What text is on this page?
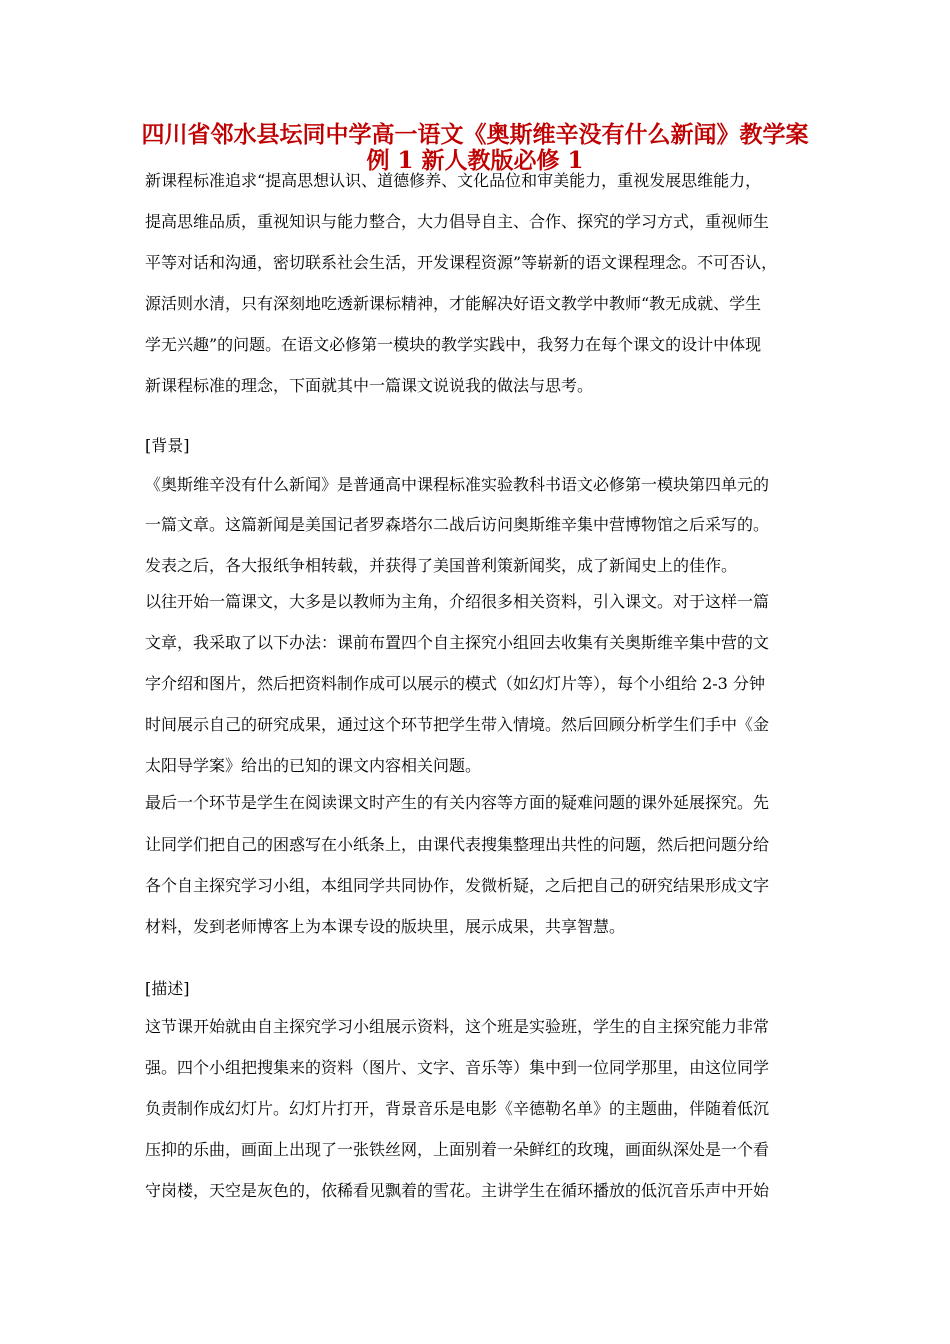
四川省邻水县坛同中学高一语文《奥斯维辛没有什么新闻》教学案
例 1 新人教版必修 1
新课程标准追求“提高思想认识、道德修养、文化品位和审美能力，重视发展思维能力，
提高思维品质，重视知识与能力整合，大力倡导自主、合作、探究的学习方式，重视师生
平等对话和沟通，密切联系社会生活，开发课程资源”等崭新的语文课程理念。不可否认，
源活则水清，只有深刻地吃透新课标精神，才能解决好语文教学中教师“教无成就、学生
学无兴趣”的问题。在语文必修第一模块的教学实践中，我努力在每个课文的设计中体现
新课程标准的理念，下面就其中一篇课文说说我的做法与思考。
[背景]
《奥斯维辛没有什么新闻》是普通高中课程标准实验教科书语文必修第一模块第四单元的
一篇文章。这篇新闻是美国记者罗森塔尔二战后访问奥斯维辛集中营博物馆之后采写的。
发表之后，各大报纸争相转载，并获得了美国普利策新闻奖，成了新闻史上的佳作。
以往开始一篇课文，大多是以教师为主角，介绍很多相关资料，引入课文。对于这样一篇
文章，我采取了以下办法：课前布置四个自主探究小组回去收集有关奥斯维辛集中营的文
字介绍和图片，然后把资料制作成可以展示的模式（如幻灯片等），每个小组给 2-3 分钟
时间展示自己的研究成果，通过这个环节把学生带入情境。然后回顾分析学生们手中《金
太阳导学案》给出的已知的课文内容相关问题。
最后一个环节是学生在阅读课文时产生的有关内容等方面的疑难问题的课外延展探究。先
让同学们把自己的困惑写在小纸条上，由课代表搜集整理出共性的问题，然后把问题分给
各个自主探究学习小组，本组同学共同协作，发微析疑，之后把自己的研究结果形成文字
材料，发到老师博客上为本课专设的版块里，展示成果，共享智慧。
[描述]
这节课开始就由自主探究学习小组展示资料，这个班是实验班，学生的自主探究能力非常
强。四个小组把搜集来的资料（图片、文字、音乐等）集中到一位同学那里，由这位同学
负责制作成幻灯片。幻灯片打开，背景音乐是电影《辛德勒名单》的主题曲，伴随着低沉
压抑的乐曲，画面上出现了一张铁丝网，上面别着一朵鲜红的玫瑰，画面纵深处是一个看
守岗楼，天空是灰色的，依稀看见飘着的雪花。主讲学生在循环播放的低沉音乐声中开始
